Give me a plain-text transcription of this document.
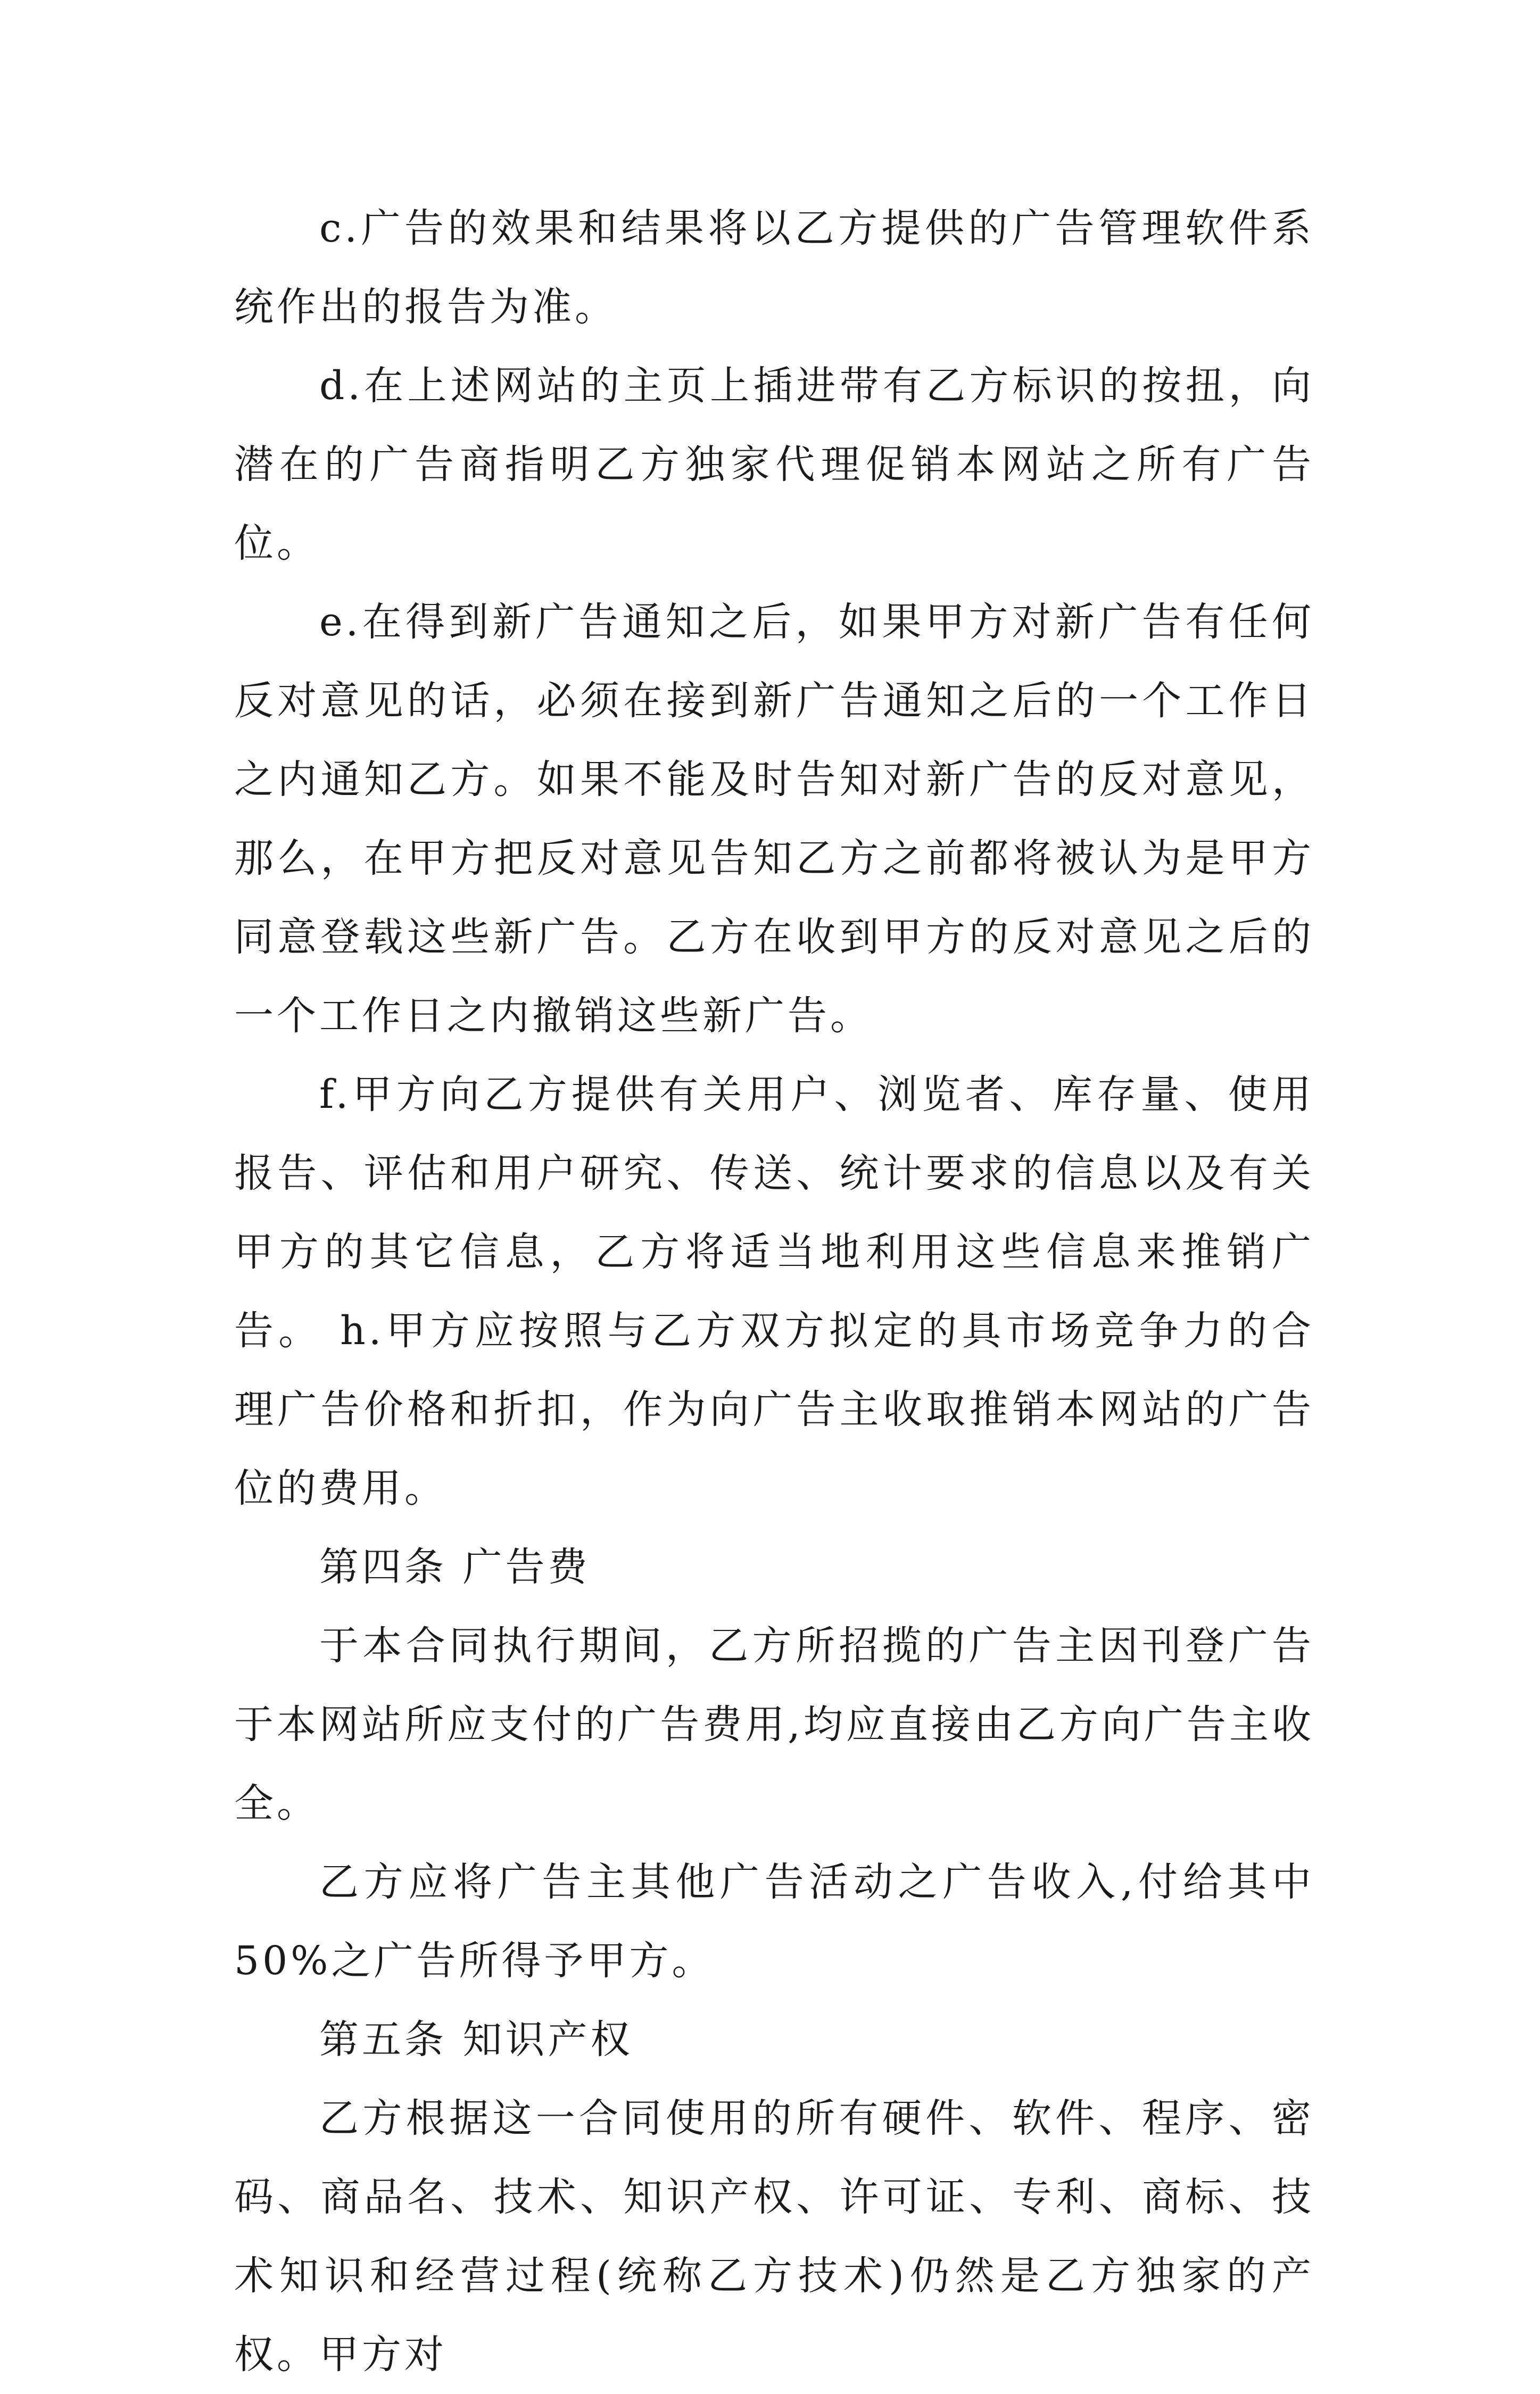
c.广告的效果和结果将以乙方提供的广告管理软件系统作出的报告为准。

d.在上述网站的主页上插进带有乙方标识的按扭，向潜在的广告商指明乙方独家代理促销本网站之所有广告位。

e.在得到新广告通知之后，如果甲方对新广告有任何反对意见的话，必须在接到新广告通知之后的一个工作日之内通知乙方。如果不能及时告知对新广告的反对意见，那么，在甲方把反对意见告知乙方之前都将被认为是甲方同意登载这些新广告。乙方在收到甲方的反对意见之后的一个工作日之内撤销这些新广告。

f.甲方向乙方提供有关用户、浏览者、库存量、使用报告、评估和用户研究、传送、统计要求的信息以及有关甲方的其它信息，乙方将适当地利用这些信息来推销广告。 h.甲方应按照与乙方双方拟定的具市场竞争力的合理广告价格和折扣，作为向广告主收取推销本网站的广告位的费用。

第四条 广告费

于本合同执行期间，乙方所招揽的广告主因刊登广告于本网站所应支付的广告费用,均应直接由乙方向广告主收全。

乙方应将广告主其他广告活动之广告收入,付给其中50%之广告所得予甲方。

第五条 知识产权

乙方根据这一合同使用的所有硬件、软件、程序、密码、商品名、技术、知识产权、许可证、专利、商标、技术知识和经营过程(统称乙方技术)仍然是乙方独家的产权。甲方对
